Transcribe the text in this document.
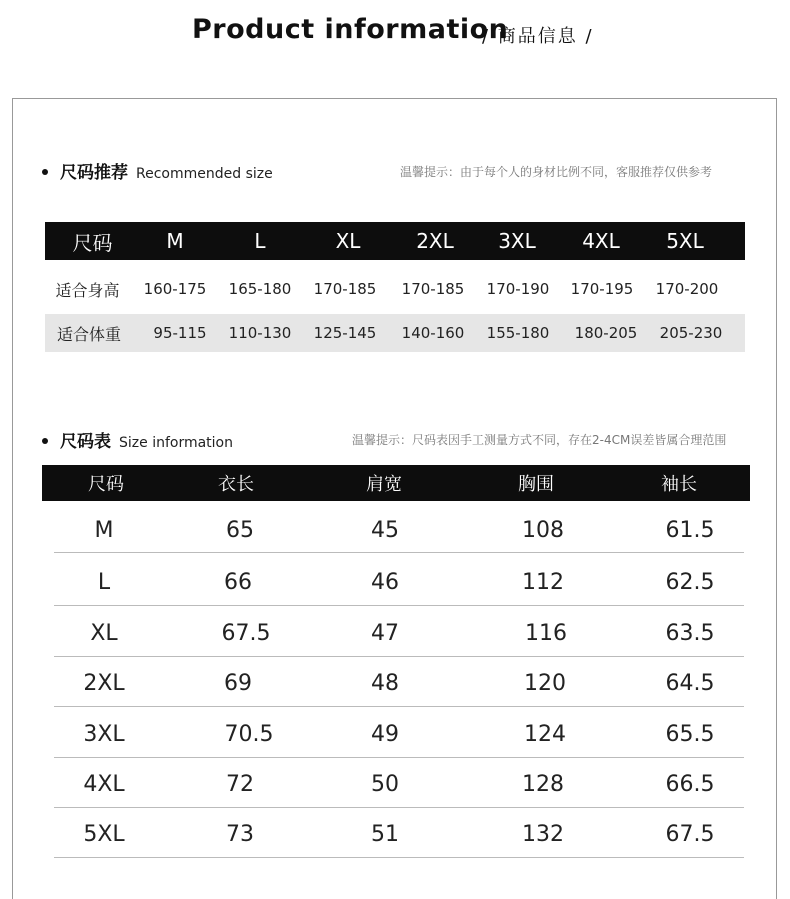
Product information
/ 商品信息 /
尺码推荐 Recommended size	温馨提示：由于每个人的身材比例不同，客服推荐仅供参考
尺码	M	L	XL	2XL	3XL	4XL	5XL
适合身高	160-175	165-180	170-185	170-185	170-190	170-195	170-200
适合体重	95-115	110-130	125-145	140-160	155-180	180-205	205-230
尺码表 Size information	温馨提示：尺码表因手工测量方式不同，存在2-4CM误差皆属合理范围
尺码	衣长	肩宽	胸围	袖长
M	65	45	108	61.5
L	66	46	112	62.5
XL	67.5	47	116	63.5
2XL	69	48	120	64.5
3XL	70.5	49	124	65.5
4XL	72	50	128	66.5
5XL	73	51	132	67.5
